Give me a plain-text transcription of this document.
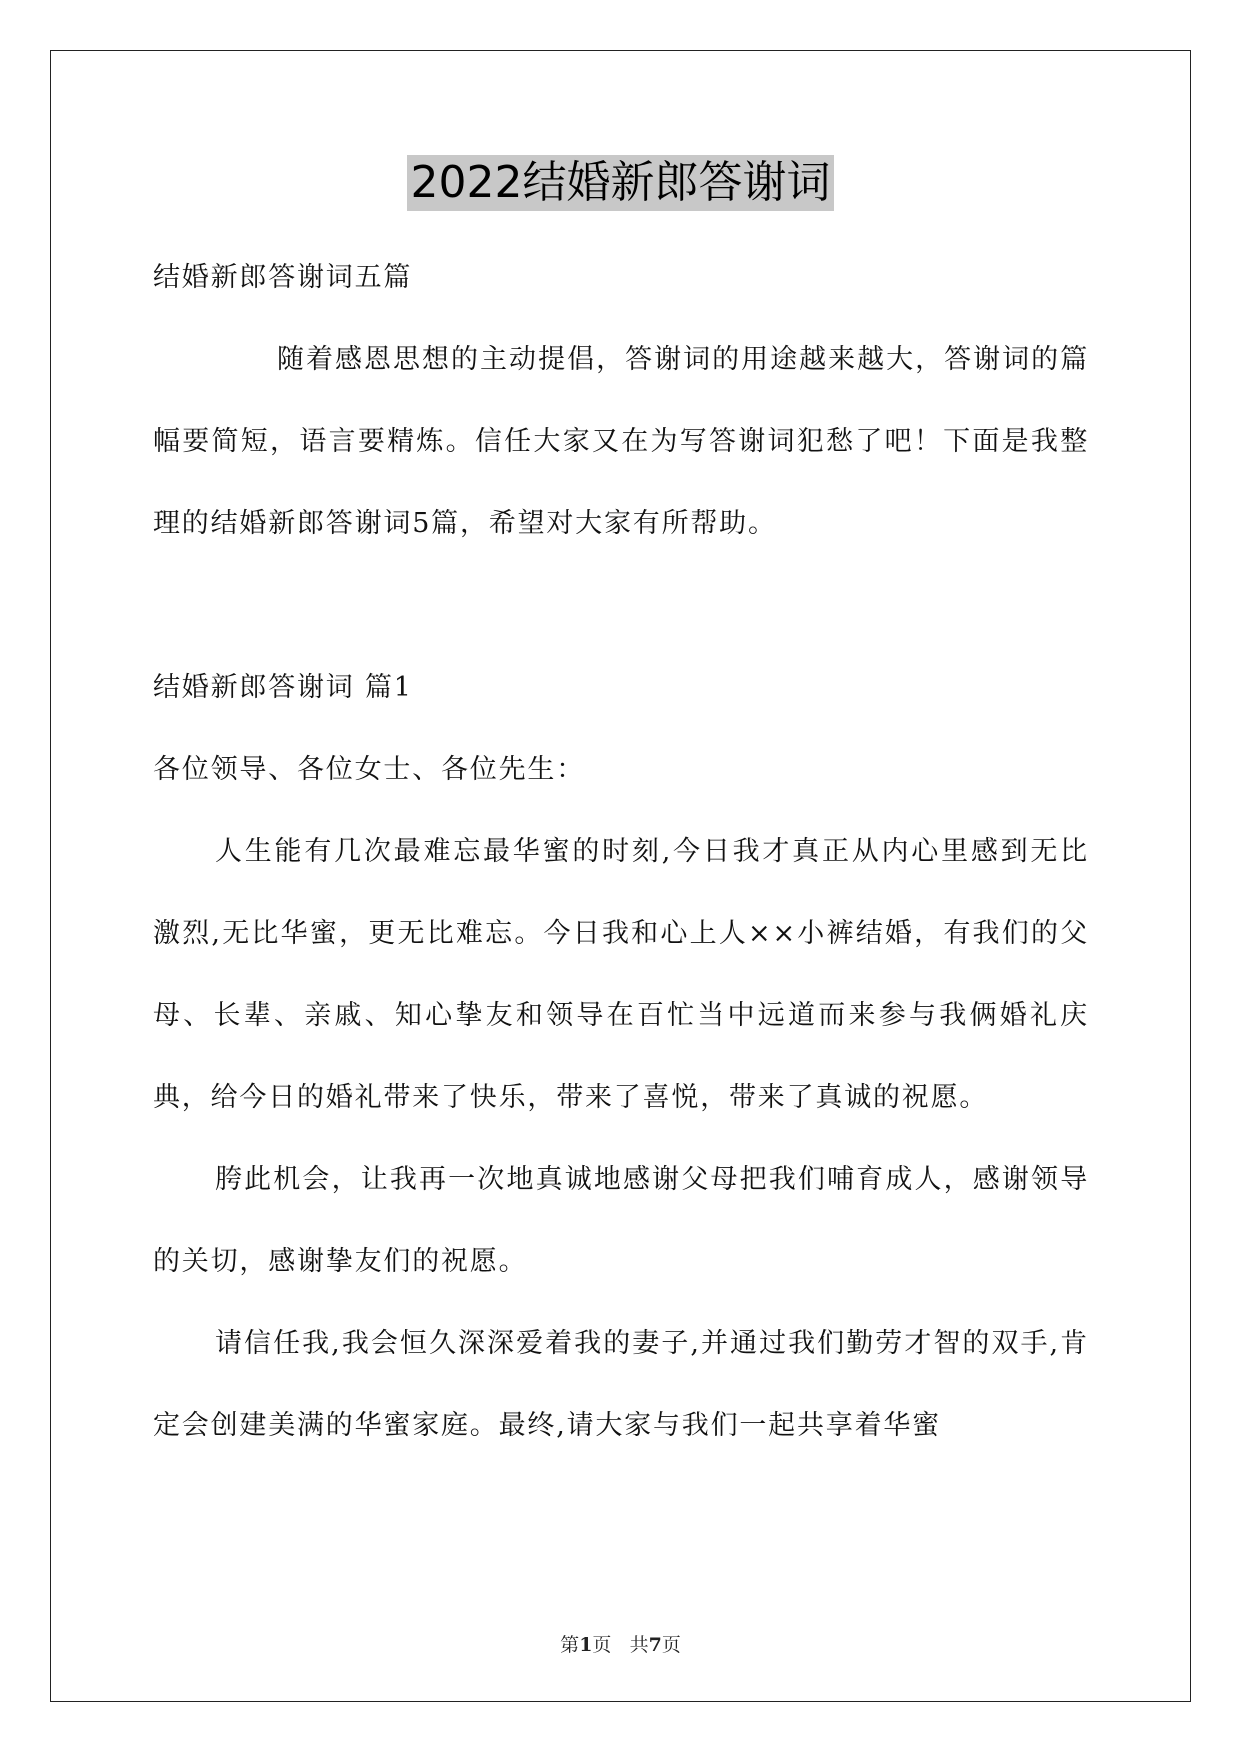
2022结婚新郎答谢词

结婚新郎答谢词五篇

随着感恩思想的主动提倡，答谢词的用途越来越大，答谢词的篇幅要简短，语言要精炼。信任大家又在为写答谢词犯愁了吧！下面是我整理的结婚新郎答谢词5篇，希望对大家有所帮助。

结婚新郎答谢词 篇1

各位领导、各位女士、各位先生：

人生能有几次最难忘最华蜜的时刻,今日我才真正从内心里感到无比激烈,无比华蜜，更无比难忘。今日我和心上人××小裤结婚，有我们的父母、长辈、亲戚、知心挚友和领导在百忙当中远道而来参与我俩婚礼庆典，给今日的婚礼带来了快乐，带来了喜悦，带来了真诚的祝愿。

胯此机会，让我再一次地真诚地感谢父母把我们哺育成人，感谢领导的关切，感谢挚友们的祝愿。

请信任我,我会恒久深深爱着我的妻子,并通过我们勤劳才智的双手,肯定会创建美满的华蜜家庭。最终,请大家与我们一起共享着华蜜

第1页 共7页
